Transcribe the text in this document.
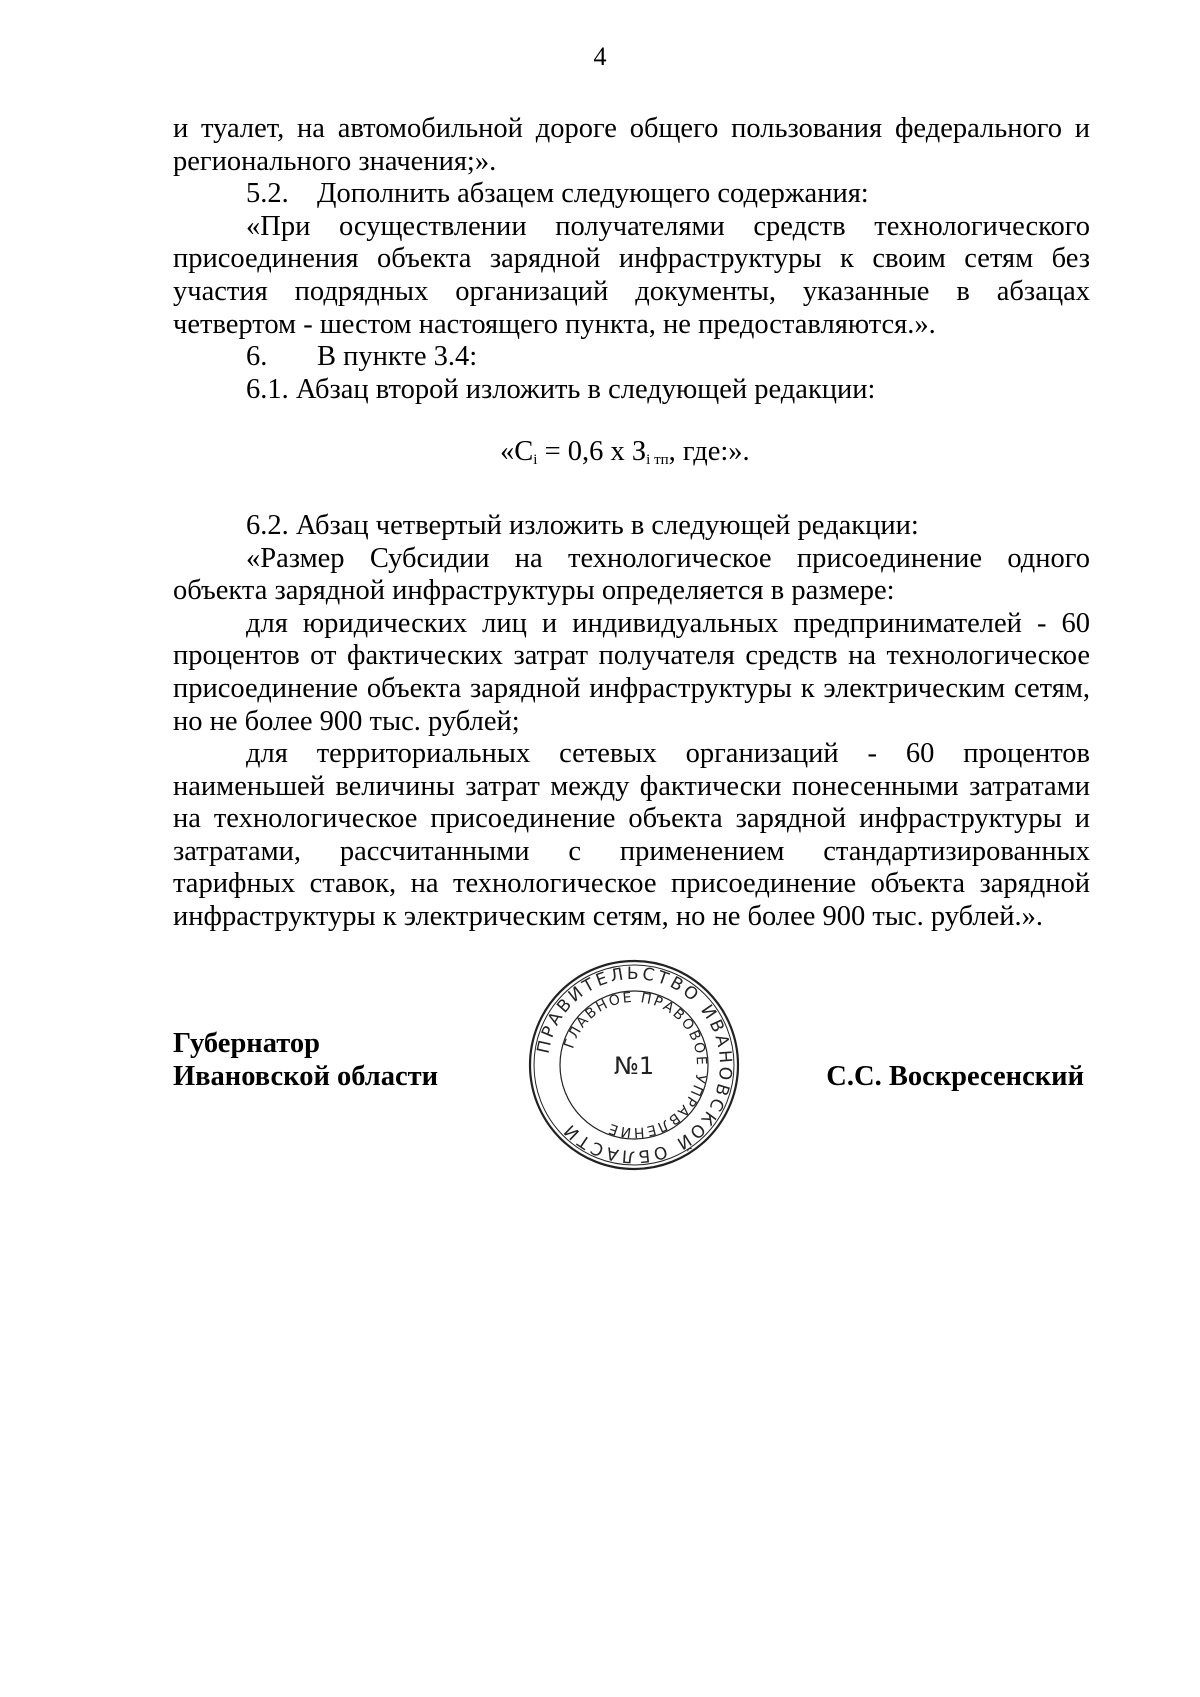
4

и туалет, на автомобильной дороге общего пользования федерального и регионального значения;».

5.2. Дополнить абзацем следующего содержания:

«При осуществлении получателями средств технологического присоединения объекта зарядной инфраструктуры к своим сетям без участия подрядных организаций документы, указанные в абзацах четвертом - шестом настоящего пункта, не предоставляются.».

6.	В пункте 3.4:

6.1. Абзац второй изложить в следующей редакции:

«$C_i = 0,6$ х $З_{i тп}$, где:».

6.2. Абзац четвертый изложить в следующей редакции:

«Размер Субсидии на технологическое присоединение одного объекта зарядной инфраструктуры определяется в размере:

для юридических лиц и индивидуальных предпринимателей - 60 процентов от фактических затрат получателя средств на технологическое присоединение объекта зарядной инфраструктуры к электрическим сетям, но не более 900 тыс. рублей;

для территориальных сетевых организаций - 60 процентов наименьшей величины затрат между фактически понесенными затратами на технологическое присоединение объекта зарядной инфраструктуры и затратами, рассчитанными с применением стандартизированных тарифных ставок, на технологическое присоединение объекта зарядной инфраструктуры к электрическим сетям, но не более 900 тыс. рублей.».

Губернатор
Ивановской области	С.С. Воскресенский
ПРАВИТЕЛЬСТВО ИВАНОВСКОЙ ОБЛАСТИ
ГЛАВНОЕ ПРАВОВОЕ УПРАВЛЕНИЕ
№1
